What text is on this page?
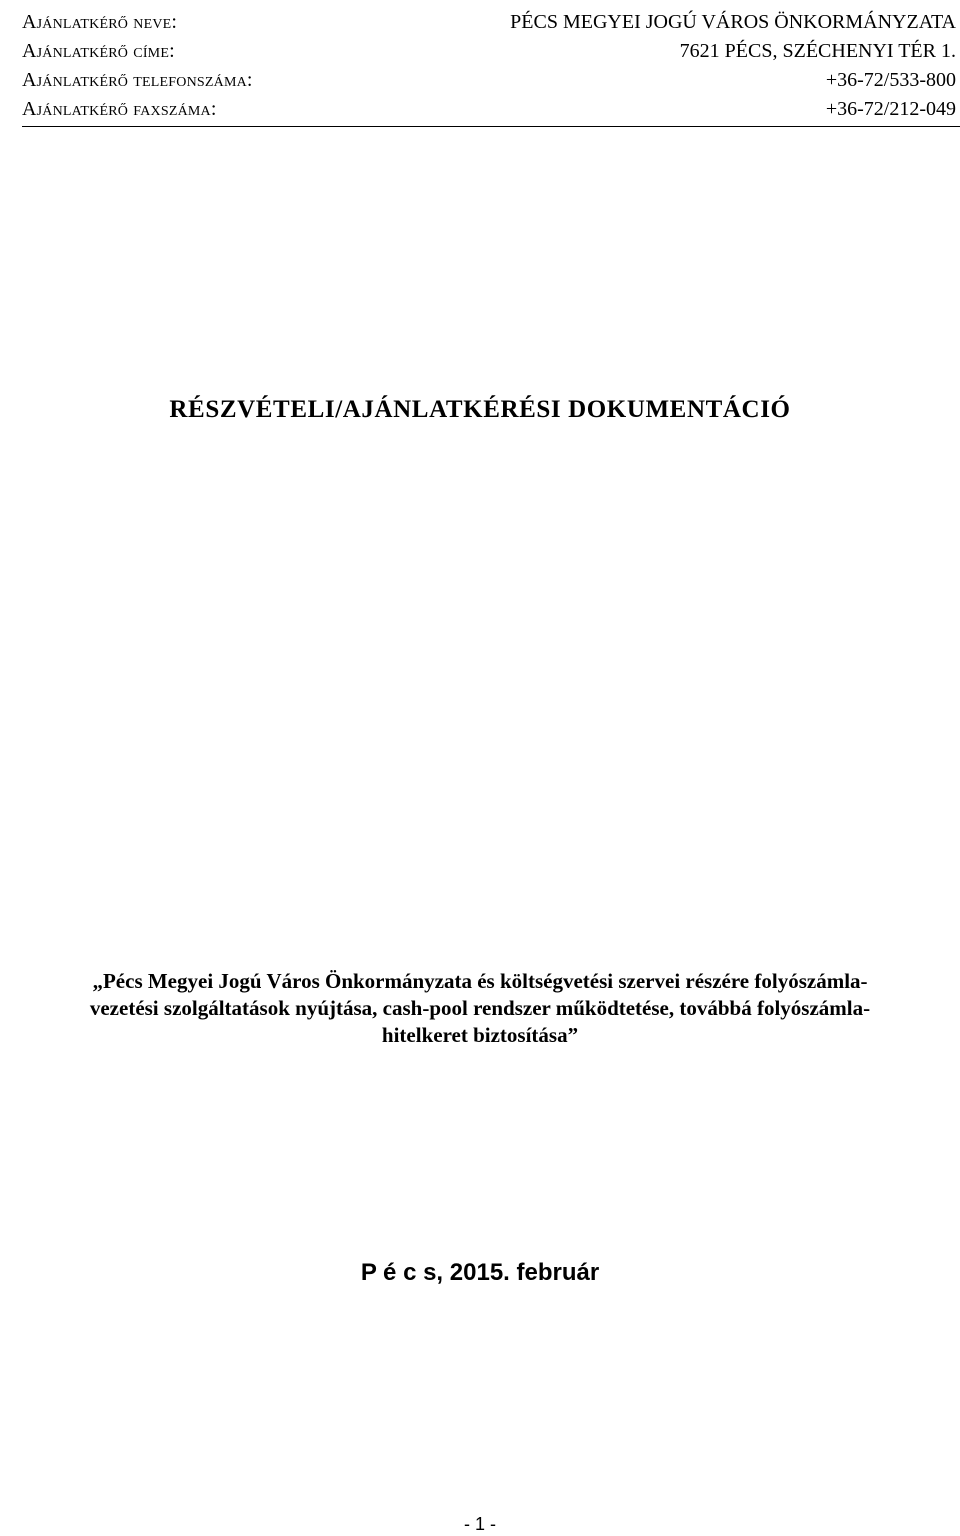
Ajánlatkérő neve:	PÉCS MEGYEI JOGÚ VÁROS ÖNKORMÁNYZATA
Ajánlatkérő címe:	7621 PÉCS, SZÉCHENYI TÉR 1.
Ajánlatkérő telefonszáma:	+36-72/533-800
Ajánlatkérő faxszáma:	+36-72/212-049
RÉSZVÉTELI/AJÁNLATKÉRÉSI DOKUMENTÁCIÓ
„Pécs Megyei Jogú Város Önkormányzata és költségvetési szervei részére folyószámla-
vezetési szolgáltatások nyújtása, cash-pool rendszer működtetése, továbbá folyószámla-
hitelkeret biztosítása”
P é c s, 2015. február
- 1 -
